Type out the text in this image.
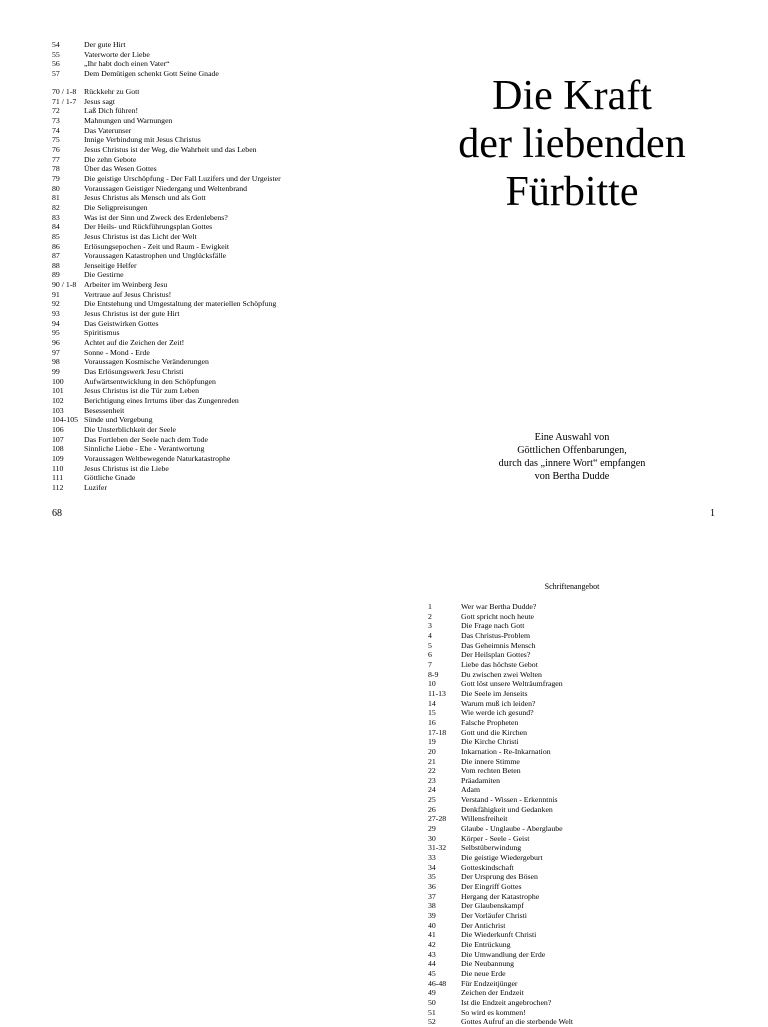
54	Der gute Hirt
55	Vaterworte der Liebe
56	„Ihr habt doch einen Vater“
57	Dem Demütigen schenkt Gott Seine Gnade
70 / 1-8 Rückkehr zu Gott
71 / 1-7 Jesus sagt
72	Laß Dich führen!
73	Mahnungen und Warnungen
74	Das Vaterunser
75	Innige Verbindung mit Jesus Christus
76	Jesus Christus ist der Weg, die Wahrheit und das Leben
77	Die zehn Gebote
78	Über das Wesen Gottes
79	Die geistige Urschöpfung - Der Fall Luzifers und der Urgeister
80	Voraussagen Geistiger Niedergang und Weltenbrand
81	Jesus Christus als Mensch und als Gott
82	Die Seligpreisungen
83	Was ist der Sinn und Zweck des Erdenlebens?
84	Der Heils- und Rückführungsplan Gottes
85	Jesus Christus ist das Licht der Welt
86	Erlösungsepochen - Zeit und Raum - Ewigkeit
87	Voraussagen Katastrophen und Unglücksfälle
88	Jenseitige Helfer
89	Die Gestirne
90 / 1-8 Arbeiter im Weinberg Jesu
91	Vertraue auf Jesus Christus!
92	Die Entstehung und Umgestaltung der materiellen Schöpfung
93	Jesus Christus ist der gute Hirt
94	Das Geistwirken Gottes
95	Spiritismus
96	Achtet auf die Zeichen der Zeit!
97	Sonne - Mond - Erde
98	Voraussagen Kosmische Veränderungen
99	Das Erlösungswerk Jesu Christi
100	Aufwärtsentwicklung in den Schöpfungen
101	Jesus Christus ist die Tür zum Leben
102	Berichtigung eines Irrtums über das Zungenreden
103	Besessenheit
104-105 Sünde und Vergebung
106	Die Unsterblichkeit der Seele
107	Das Fortleben der Seele nach dem Tode
108	Sinnliche Liebe - Ehe - Verantwortung
109	Voraussagen Weltbewegende Naturkatastrophe
110	Jesus Christus ist die Liebe
111	Göttliche Gnade
112	Luzifer
Die Kraft
der liebenden
Fürbitte
Eine Auswahl von
Göttlichen Offenbarungen,
durch das „innere Wort“ empfangen
von Bertha Dudde
68	1
Schriftenangebot
1	Wer war Bertha Dudde?
2	Gott spricht noch heute
3	Die Frage nach Gott
4	Das Christus-Problem
5	Das Geheimnis Mensch
6	Der Heilsplan Gottes?
7	Liebe das höchste Gebot
8-9	Du zwischen zwei Welten
10	Gott löst unsere Welträumfragen
11-13	Die Seele im Jenseits
14	Warum muß ich leiden?
15	Wie werde ich gesund?
16	Falsche Propheten
17-18	Gott und die Kirchen
19	Die Kirche Christi
20	Inkarnation - Re-Inkarnation
21	Die innere Stimme
22	Vom rechten Beten
23	Präadamiten
24	Adam
25	Verstand - Wissen - Erkenntnis
26	Denkfähigkeit und Gedanken
27-28	Willensfreiheit
29	Glaube - Unglaube - Aberglaube
30	Körper - Seele - Geist
31-32	Selbstüberwindung
33	Die geistige Wiedergeburt
34	Gotteskindschaft
35	Der Ursprung des Bösen
36	Der Eingriff Gottes
37	Hergang der Katastrophe
38	Der Glaubenskampf
39	Der Vorläufer Christi
40	Der Antichrist
41	Die Wiederkunft Christi
42	Die Entrückung
43	Die Umwandlung der Erde
44	Die Neubannung
45	Die neue Erde
46-48	Für Endzeitjünger
49	Zeichen der Endzeit
50	Ist die Endzeit angebrochen?
51	So wird es kommen!
52	Gottes Aufruf an die sterbende Welt
